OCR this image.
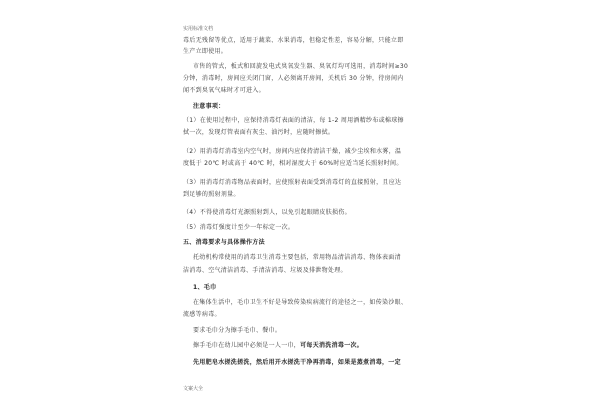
实用标准文档
毒后无残留等优点，适用于蔬菜、水果消毒，但稳定性差，容易分解，只能立即
生产立即使用。
市售的管式，板式和回旋发电式臭氧发生器、臭氧灯均可选用，消毒时间≥30
分钟，消毒时，房间应关闭门窗，人必须离开房间，关机后 30 分钟，待房间内
闻不到臭氧气味时才可进入。
注意事项：
（1）在使用过程中，应保持消毒灯表面的清洁，每 1-2 周用酒精纱布或棉球擦
拭一次，发现灯管表面有灰尘、油污时，应随时擦拭。
（2）用消毒灯消毒室内空气时，房间内应保持清洁干燥，减少尘埃和水雾，温
度低于 20℃ 时或高于 40℃ 时，相对湿度大于 60%时应适当延长照射时间。
（3）用消毒灯消毒物品表面时，应使照射表面受到消毒灯的直接照射，且应达
到足够的照射剂量。
（4）不得使消毒灯光源照射到人，以免引起眼睛皮肤损伤。
（5）消毒灯强度计至少一年标定一次。
五、消毒要求与具体操作方法
托幼机构常使用的消毒卫生消毒主要包括，常用物品清洁消毒、物体表面清
洁消毒、空气清洁消毒、手清洁消毒、垃圾及排泄物处理。
1、毛巾
在集体生活中，毛巾卫生不好是导致传染疾病流行的途径之一，如传染沙眼、
流感等病毒。
要求毛巾分为擦手毛巾、餐巾。
擦手毛巾在幼儿园中必须是一人一巾，可每天消洗消毒一次。
先用肥皂水搓洗搓洗，然后用开水搓洗干净再消毒，如果是蒸煮消毒，一定
文案大全
